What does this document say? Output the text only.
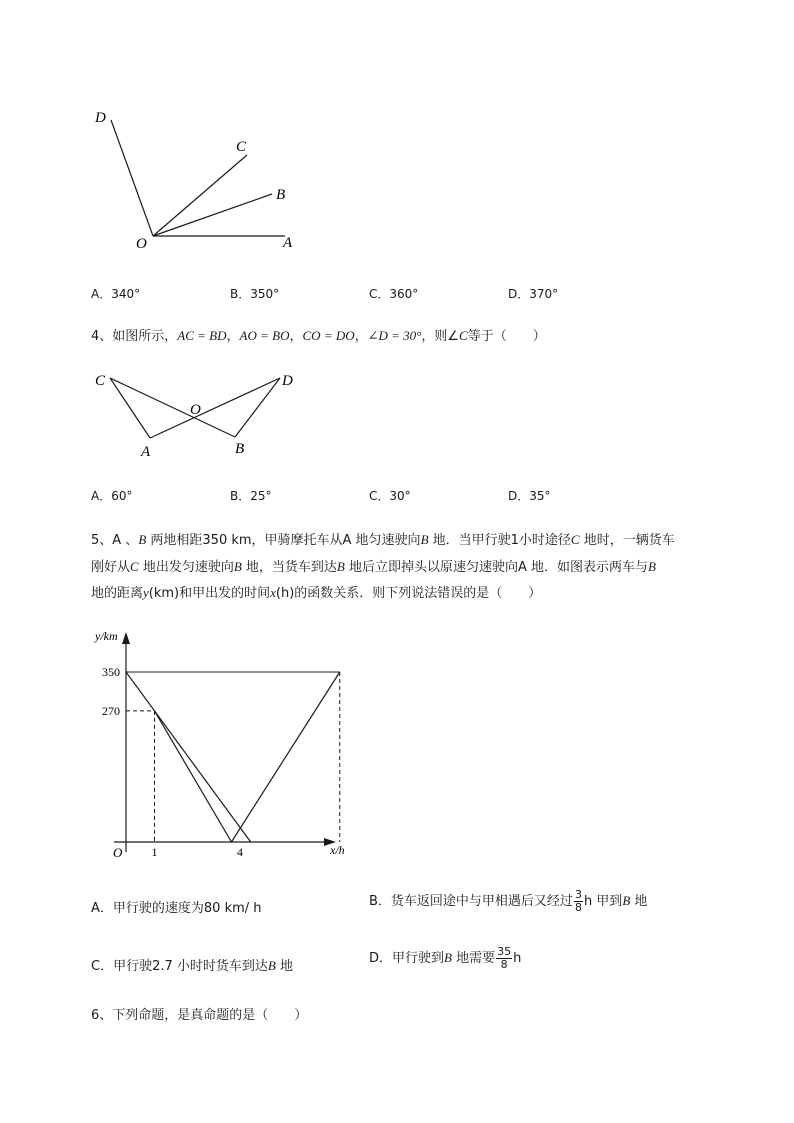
D
C
B
O	A
A．340°	B．350°	C．360°	D．370°
4、如图所示，AC = BD，AO = BO，CO = DO，∠D = 30°，则∠C等于（　　）
C	D
O
A	B
A．60°	B．25°	C．30°	D．35°
5、A 、B 两地相距350 km，甲骑摩托车从A 地匀速驶向B 地．当甲行驶1小时途径C 地时，一辆货车
刚好从C 地出发匀速驶向B 地，当货车到达B 地后立即掉头以原速匀速驶向A 地．如图表示两车与B
地的距离y(km)和甲出发的时间x(h)的函数关系．则下列说法错误的是（　　）
350
270
1	4
O
y/km
x/h
A．甲行驶的速度为80 km/ h	B．货车返回途中与甲相遇后又经过 $\frac{3}{8}$ h 甲到B 地
C．甲行驶2.7 小时时货车到达B 地
D．甲行驶到B 地需要 $\frac{35}{8}$ h
6、下列命题，是真命题的是（　　）
